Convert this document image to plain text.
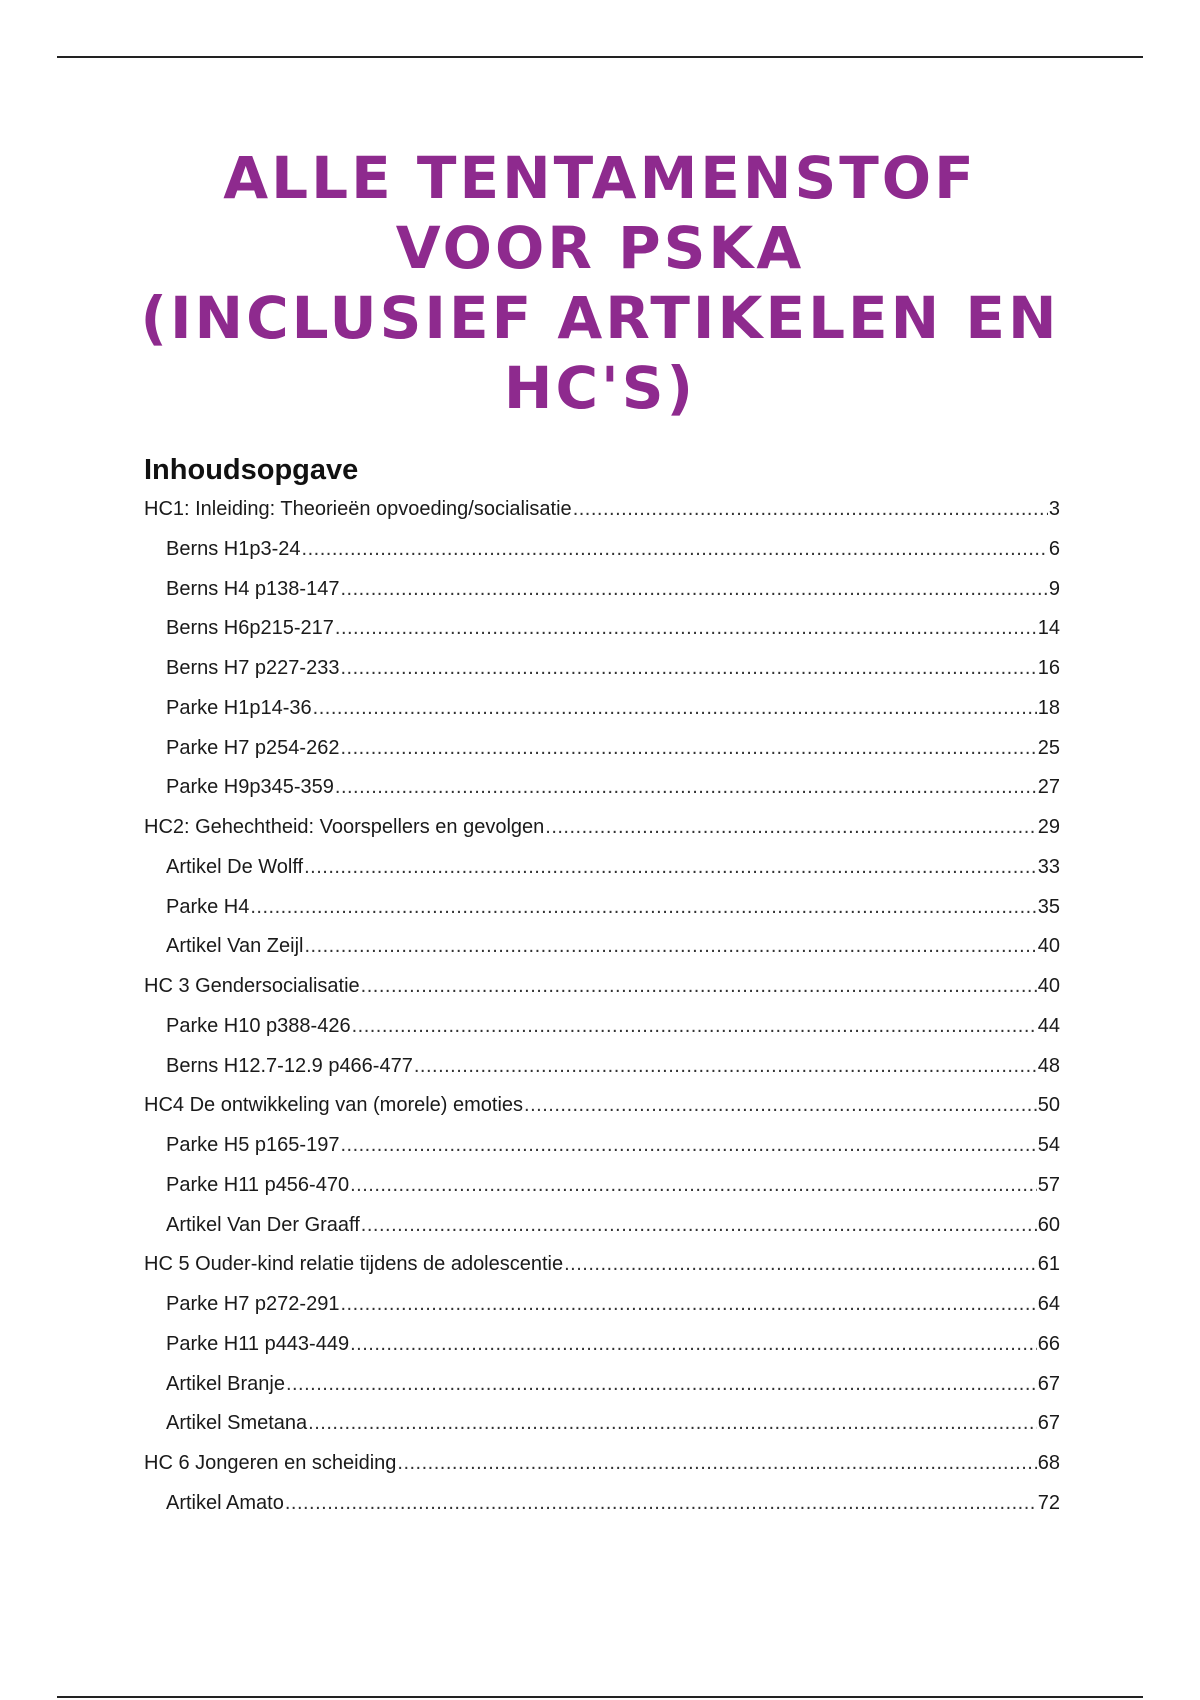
ALLE TENTAMENSTOF
VOOR PSKA
(INCLUSIEF ARTIKELEN EN
HC'S)
Inhoudsopgave
HC1: Inleiding: Theorieën opvoeding/socialisatie .....	3
Berns H1p3-24 .....	6
Berns H4 p138-147 .....	9
Berns H6p215-217 .....	14
Berns H7 p227-233 .....	16
Parke H1p14-36 .....	18
Parke H7 p254-262 .....	25
Parke H9p345-359 .....	27
HC2: Gehechtheid: Voorspellers en gevolgen .....	29
Artikel De Wolff .....	33
Parke H4 .....	35
Artikel Van Zeijl .....	40
HC 3 Gendersocialisatie .....	40
Parke H10 p388-426 .....	44
Berns H12.7-12.9 p466-477 .....	48
HC4 De ontwikkeling van (morele) emoties .....	50
Parke H5 p165-197 .....	54
Parke H11 p456-470 .....	57
Artikel Van Der Graaff .....	60
HC 5 Ouder-kind relatie tijdens de adolescentie .....	61
Parke H7 p272-291 .....	64
Parke H11 p443-449 .....	66
Artikel Branje .....	67
Artikel Smetana .....	67
HC 6 Jongeren en scheiding .....	68
Artikel Amato .....	72
